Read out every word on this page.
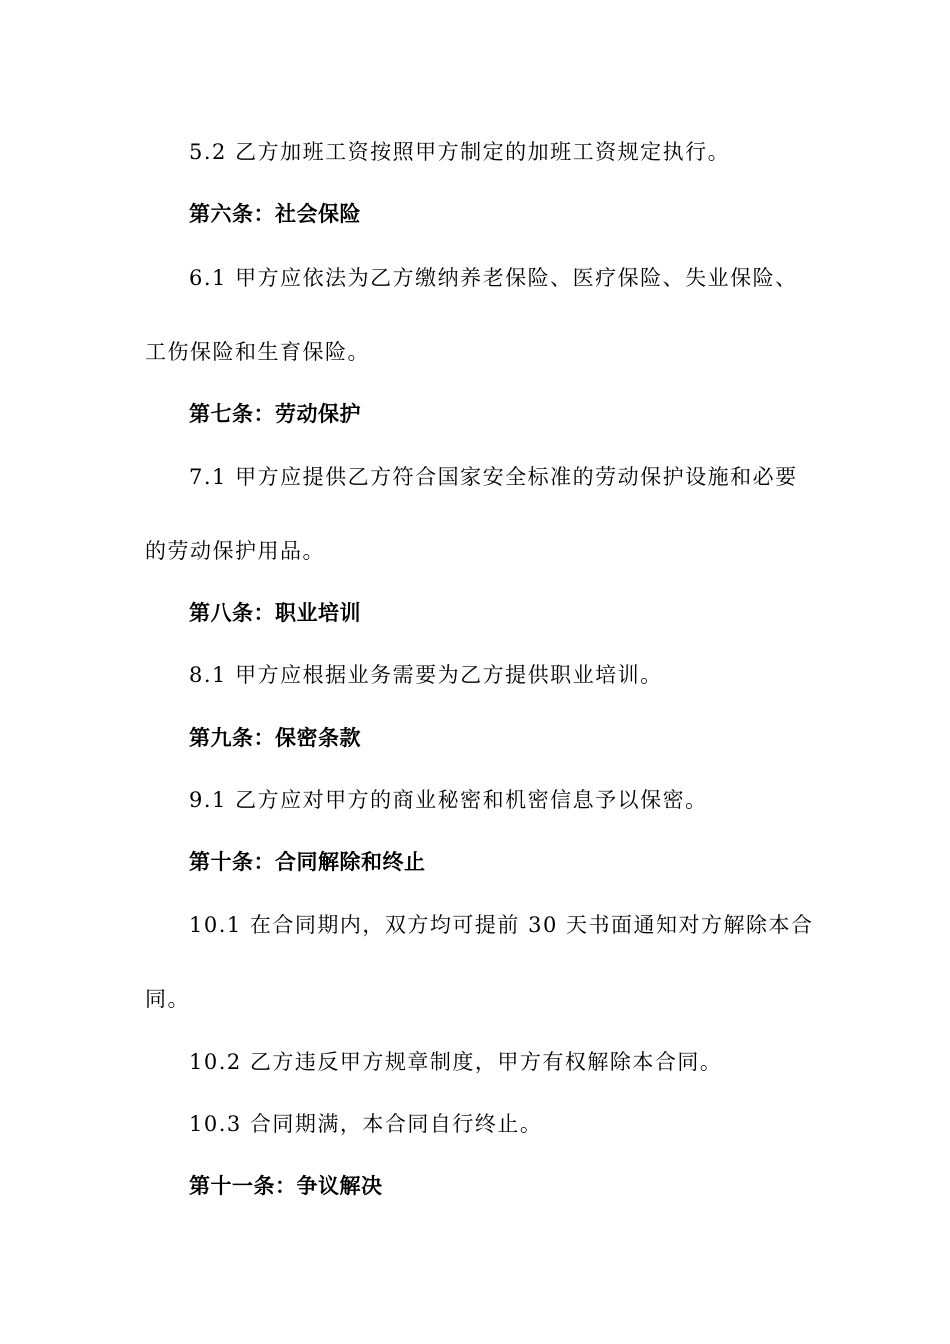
5.2 乙方加班工资按照甲方制定的加班工资规定执行。
第六条：社会保险
6.1 甲方应依法为乙方缴纳养老保险、医疗保险、失业保险、
工伤保险和生育保险。
第七条：劳动保护
7.1 甲方应提供乙方符合国家安全标准的劳动保护设施和必要
的劳动保护用品。
第八条：职业培训
8.1 甲方应根据业务需要为乙方提供职业培训。
第九条：保密条款
9.1 乙方应对甲方的商业秘密和机密信息予以保密。
第十条：合同解除和终止
10.1 在合同期内，双方均可提前 30 天书面通知对方解除本合
同。
10.2 乙方违反甲方规章制度，甲方有权解除本合同。
10.3 合同期满，本合同自行终止。
第十一条：争议解决
